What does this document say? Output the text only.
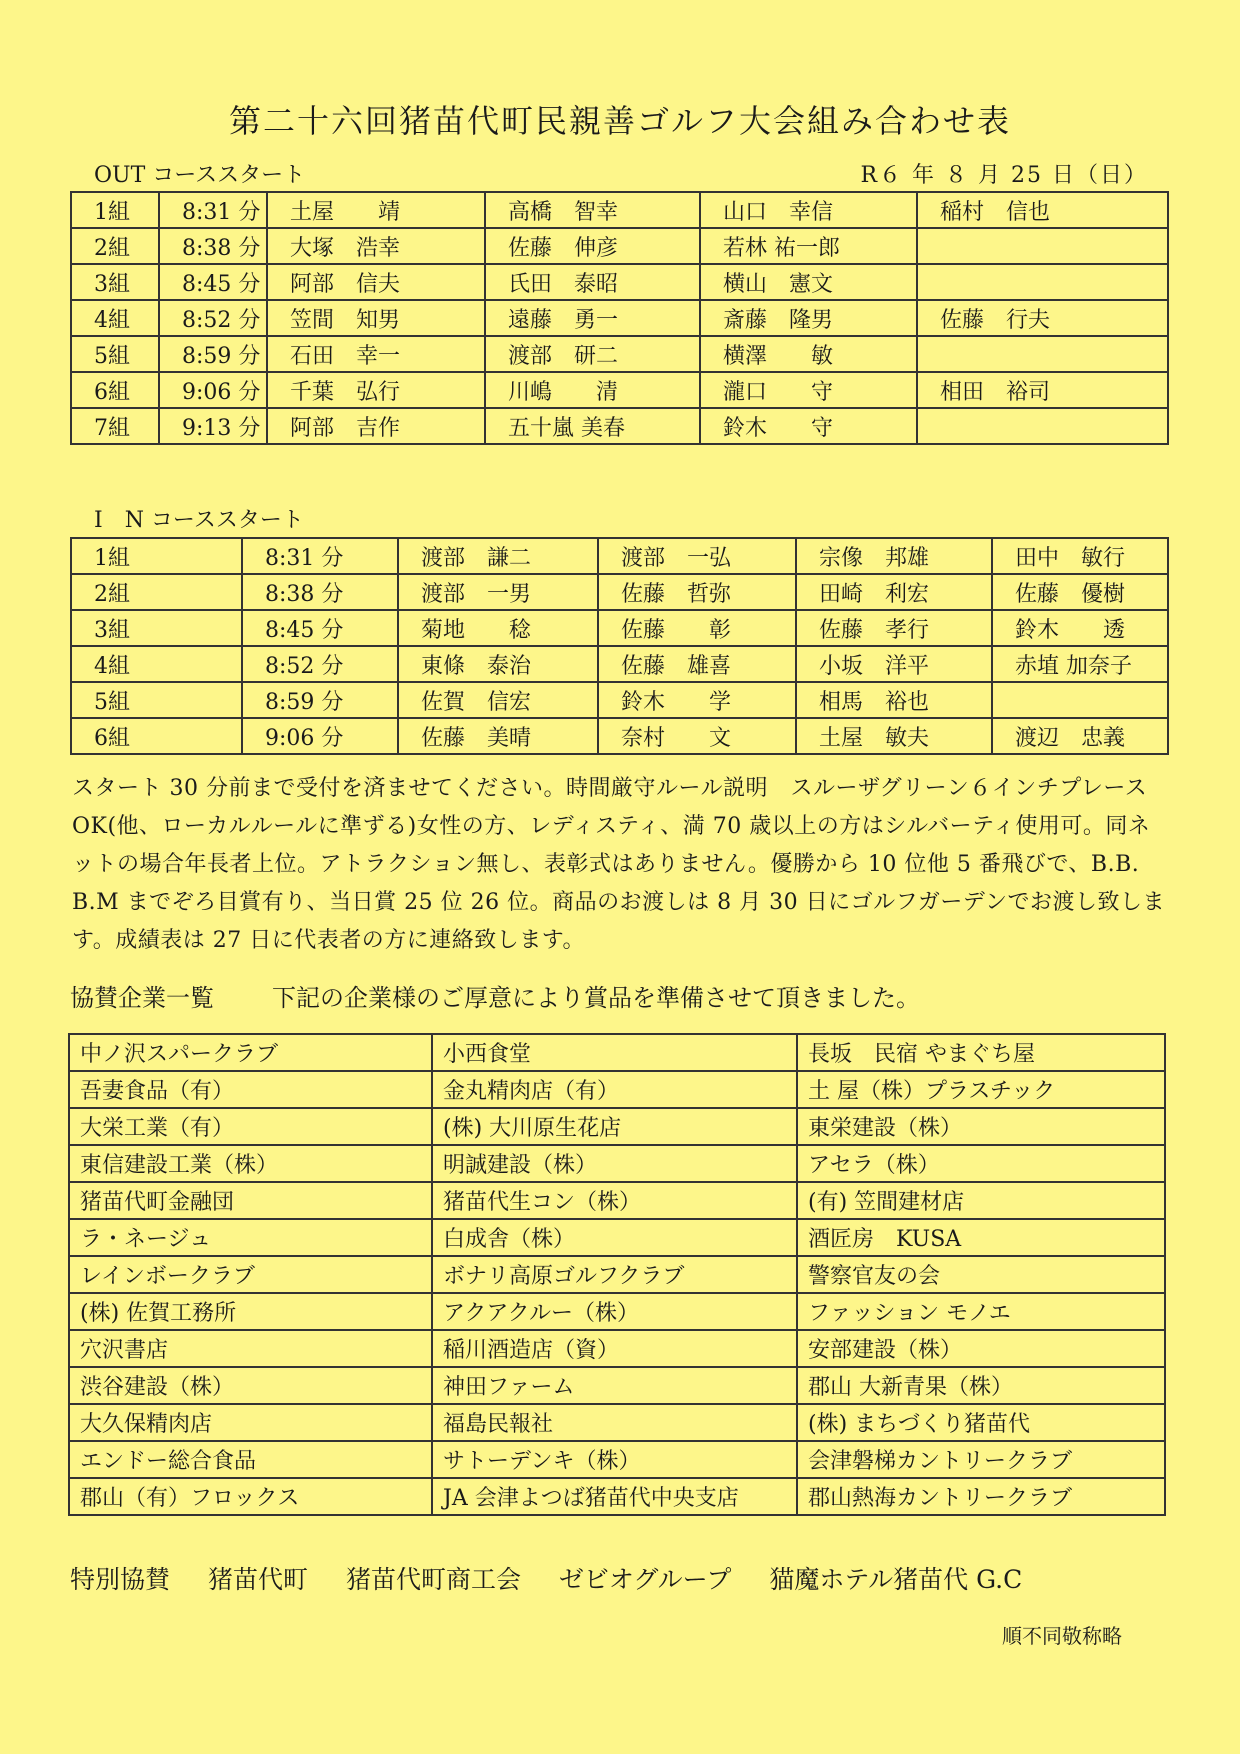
第二十六回猪苗代町民親善ゴルフ大会組み合わせ表
OUT コーススタート	R６ 年 ８ 月 25 日（日）
1組	8:31 分	土屋　　靖	高橋　智幸	山口　幸信	稲村　信也
2組	8:38 分	大塚　浩幸	佐藤　伸彦	若林 祐一郎	
3組	8:45 分	阿部　信夫	氏田　泰昭	横山　憲文	
4組	8:52 分	笠間　知男	遠藤　勇一	斎藤　隆男	佐藤　行夫
5組	8:59 分	石田　幸一	渡部　研二	横澤　　敏	
6組	9:06 分	千葉　弘行	川嶋　　清	瀧口　　守	相田　裕司
7組	9:13 分	阿部　吉作	五十嵐 美春	鈴木　　守	
I　N コーススタート
1組	8:31 分	渡部　謙二	渡部　一弘	宗像　邦雄	田中　敏行
2組	8:38 分	渡部　一男	佐藤　哲弥	田崎　利宏	佐藤　優樹
3組	8:45 分	菊地　　稔	佐藤　　彰	佐藤　孝行	鈴木　　透
4組	8:52 分	東條　泰治	佐藤　雄喜	小坂　洋平	赤埴 加奈子
5組	8:59 分	佐賀　信宏	鈴木　　学	相馬　裕也	
6組	9:06 分	佐藤　美晴	奈村　　文	土屋　敏夫	渡辺　忠義
スタート 30 分前まで受付を済ませてください。時間厳守ルール説明　スルーザグリーン６インチプレース OK(他、ローカルルールに準ずる)女性の方、レディスティ、満 70 歳以上の方はシルバーティ使用可。同ネットの場合年長者上位。アトラクション無し、表彰式はありません。優勝から 10 位他 5 番飛びで、B.B. B.M までぞろ目賞有り、当日賞 25 位 26 位。商品のお渡しは 8 月 30 日にゴルフガーデンでお渡し致します。成績表は 27 日に代表者の方に連絡致します。
協賛企業一覧 下記の企業様のご厚意により賞品を準備させて頂きました。
中ノ沢スパークラブ	小西食堂	長坂　民宿 やまぐち屋
吾妻食品（有）	金丸精肉店（有）	土 屋（株）プラスチック
大栄工業（有）	(株) 大川原生花店	東栄建設（株）
東信建設工業（株）	明誠建設（株）	アセラ（株）
猪苗代町金融団	猪苗代生コン（株）	(有) 笠間建材店
ラ・ネージュ	白成舎（株）	酒匠房　KUSA
レインボークラブ	ボナリ高原ゴルフクラブ	警察官友の会
(株) 佐賀工務所	アクアクルー（株）	ファッション モノエ
穴沢書店	稲川酒造店（資）	安部建設（株）
渋谷建設（株）	神田ファーム	郡山 大新青果（株）
大久保精肉店	福島民報社	(株) まちづくり猪苗代
エンドー総合食品	サトーデンキ（株）	会津磐梯カントリークラブ
郡山（有）フロックス	JA 会津よつば猪苗代中央支店	郡山熱海カントリークラブ
特別協賛 猪苗代町 猪苗代町商工会 ゼビオグループ 猫魔ホテル猪苗代 G.C
順不同敬称略
